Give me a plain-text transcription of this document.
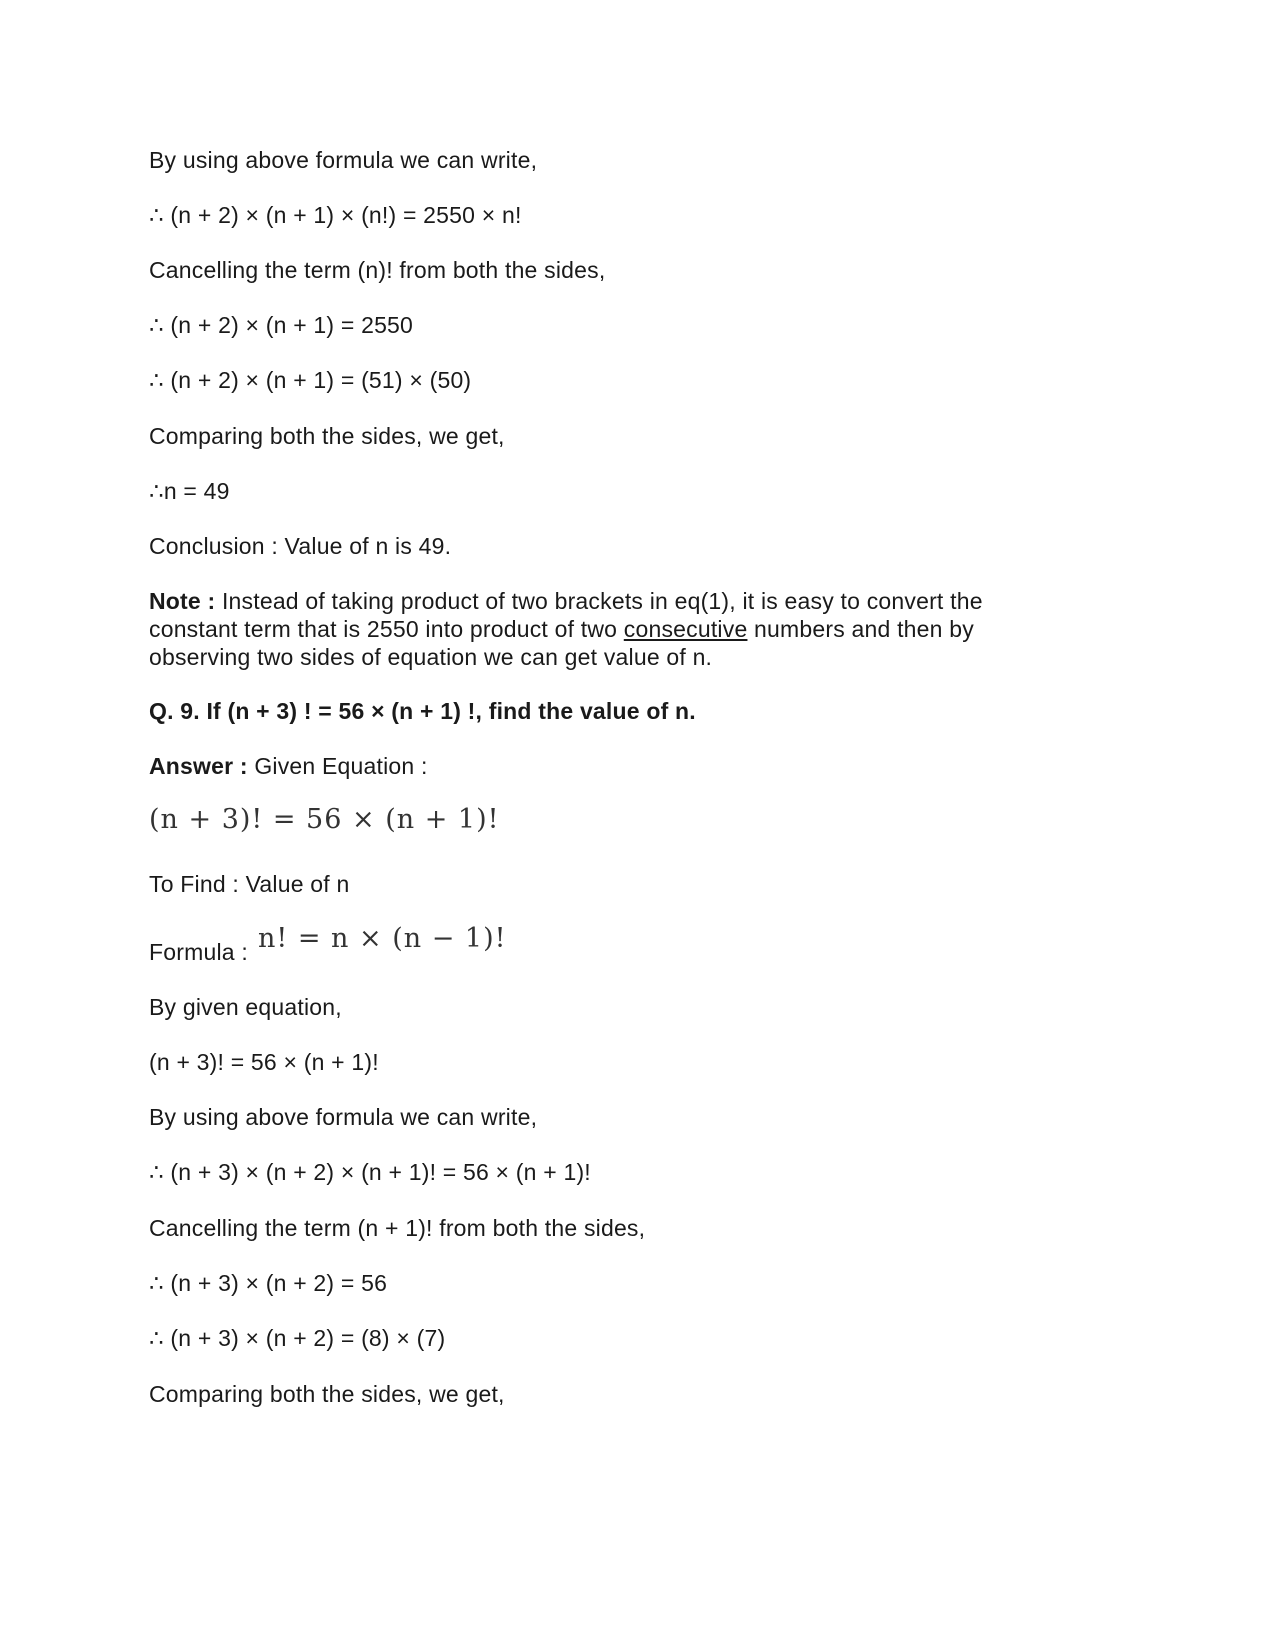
By using above formula we can write,
∴ (n + 2) × (n + 1) × (n!) = 2550 × n!
Cancelling the term (n)! from both the sides,
∴ (n + 2) × (n + 1) = 2550
∴ (n + 2) × (n + 1) = (51) × (50)
Comparing both the sides, we get,
∴n = 49
Conclusion : Value of n is 49.
Note : Instead of taking product of two brackets in eq(1), it is easy to convert the constant term that is 2550 into product of two consecutive numbers and then by observing two sides of equation we can get value of n.
Q. 9. If (n + 3) ! = 56 × (n + 1) !, find the value of n.
Answer : Given Equation :
(n + 3)! = 56 × (n + 1)!
To Find : Value of n
Formula : n! = n × (n − 1)!
By given equation,
(n + 3)! = 56 × (n + 1)!
By using above formula we can write,
∴ (n + 3) × (n + 2) × (n + 1)! = 56 × (n + 1)!
Cancelling the term (n + 1)! from both the sides,
∴ (n + 3) × (n + 2) = 56
∴ (n + 3) × (n + 2) = (8) × (7)
Comparing both the sides, we get,
